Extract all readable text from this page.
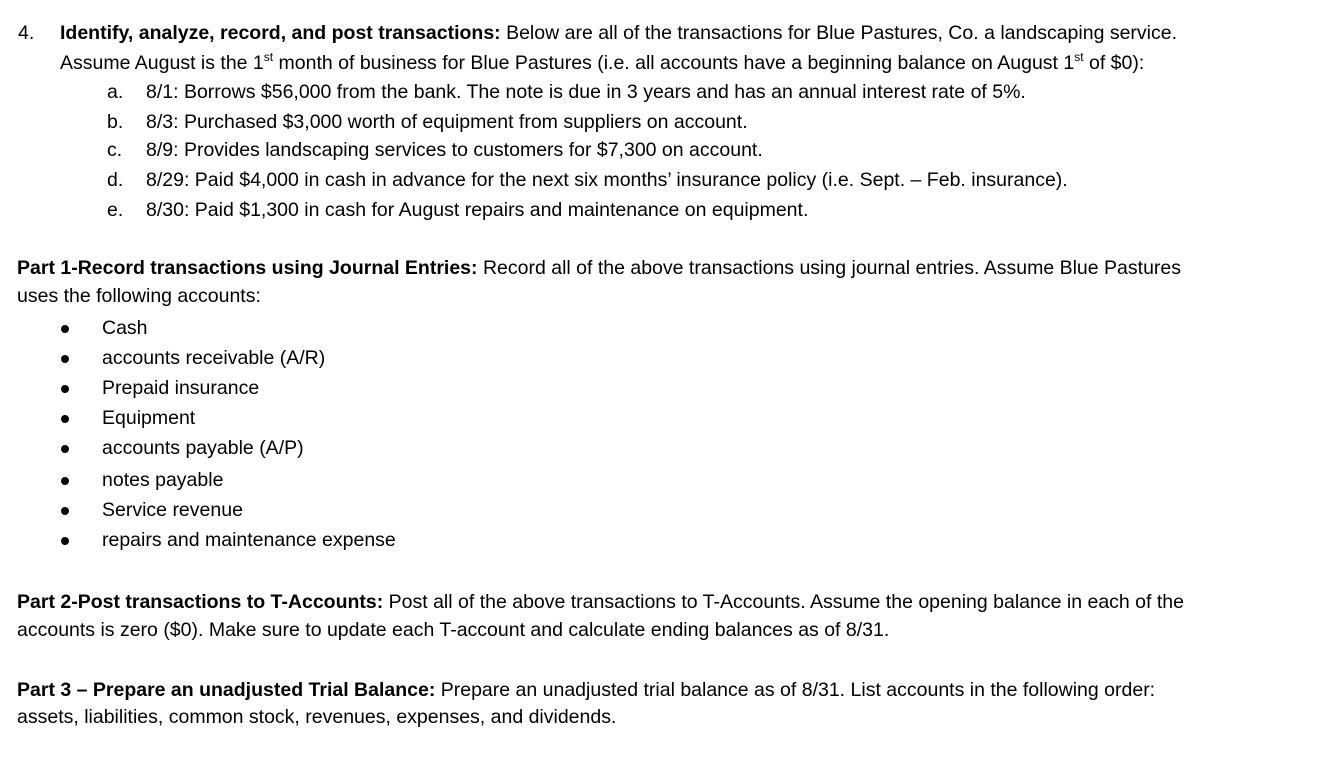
4. Identify, analyze, record, and post transactions: Below are all of the transactions for Blue Pastures, Co. a landscaping service.
Assume August is the 1st month of business for Blue Pastures (i.e. all accounts have a beginning balance on August 1st of $0):
a. 8/1: Borrows $56,000 from the bank. The note is due in 3 years and has an annual interest rate of 5%.
b. 8/3: Purchased $3,000 worth of equipment from suppliers on account.
c. 8/9: Provides landscaping services to customers for $7,300 on account.
d. 8/29: Paid $4,000 in cash in advance for the next six months’ insurance policy (i.e. Sept. – Feb. insurance).
e. 8/30: Paid $1,300 in cash for August repairs and maintenance on equipment.
Part 1-Record transactions using Journal Entries: Record all of the above transactions using journal entries. Assume Blue Pastures
uses the following accounts:
Cash
accounts receivable (A/R)
Prepaid insurance
Equipment
accounts payable (A/P)
notes payable
Service revenue
repairs and maintenance expense
Part 2-Post transactions to T-Accounts: Post all of the above transactions to T-Accounts. Assume the opening balance in each of the
accounts is zero ($0). Make sure to update each T-account and calculate ending balances as of 8/31.
Part 3 – Prepare an unadjusted Trial Balance: Prepare an unadjusted trial balance as of 8/31. List accounts in the following order:
assets, liabilities, common stock, revenues, expenses, and dividends.
